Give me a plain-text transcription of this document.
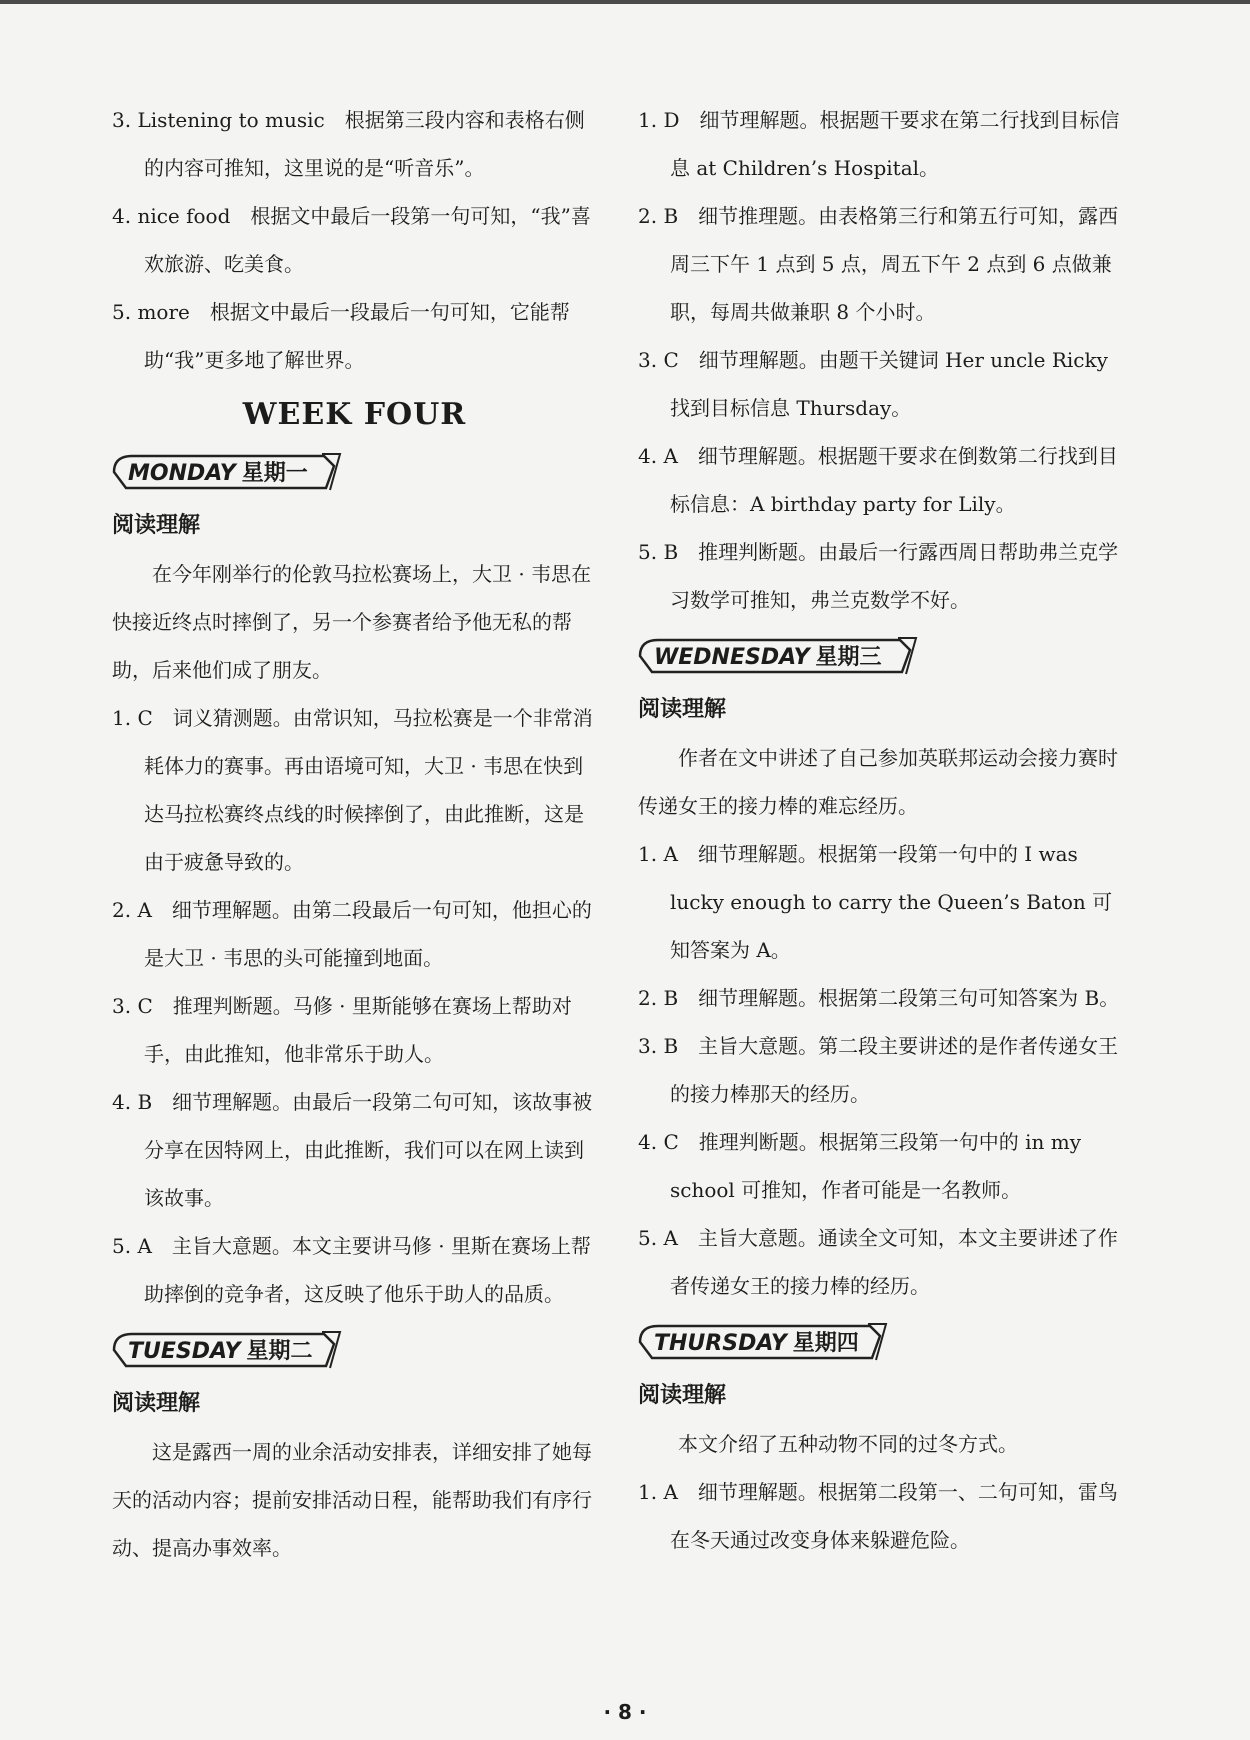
3. Listening to music　根据第三段内容和表格右侧的内容可推知，这里说的是“听音乐”。

4. nice food　根据文中最后一段第一句可知，“我”喜欢旅游、吃美食。

5. more　根据文中最后一段最后一句可知，它能帮助“我”更多地了解世界。

WEEK FOUR
MONDAY 星期一

阅读理解

在今年刚举行的伦敦马拉松赛场上，大卫 · 韦思在快接近终点时摔倒了，另一个参赛者给予他无私的帮助，后来他们成了朋友。

1. C　词义猜测题。由常识知，马拉松赛是一个非常消耗体力的赛事。再由语境可知，大卫 · 韦思在快到达马拉松赛终点线的时候摔倒了，由此推断，这是由于疲惫导致的。

2. A　细节理解题。由第二段最后一句可知，他担心的是大卫 · 韦思的头可能撞到地面。

3. C　推理判断题。马修 · 里斯能够在赛场上帮助对手，由此推知，他非常乐于助人。

4. B　细节理解题。由最后一段第二句可知，该故事被分享在因特网上，由此推断，我们可以在网上读到该故事。

5. A　主旨大意题。本文主要讲马修 · 里斯在赛场上帮助摔倒的竞争者，这反映了他乐于助人的品质。

TUESDAY 星期二

阅读理解

这是露西一周的业余活动安排表，详细安排了她每天的活动内容；提前安排活动日程，能帮助我们有序行动、提高办事效率。

1. D　细节理解题。根据题干要求在第二行找到目标信息 at Children’s Hospital。

2. B　细节推理题。由表格第三行和第五行可知，露西周三下午 1 点到 5 点，周五下午 2 点到 6 点做兼职，每周共做兼职 8 个小时。

3. C　细节理解题。由题干关键词 Her uncle Ricky 找到目标信息 Thursday。

4. A　细节理解题。根据题干要求在倒数第二行找到目标信息：A birthday party for Lily。

5. B　推理判断题。由最后一行露西周日帮助弗兰克学习数学可推知，弗兰克数学不好。

WEDNESDAY 星期三

阅读理解

作者在文中讲述了自己参加英联邦运动会接力赛时传递女王的接力棒的难忘经历。

1. A　细节理解题。根据第一段第一句中的 I was lucky enough to carry the Queen’s Baton 可知答案为 A。

2. B　细节理解题。根据第二段第三句可知答案为 B。

3. B　主旨大意题。第二段主要讲述的是作者传递女王的接力棒那天的经历。

4. C　推理判断题。根据第三段第一句中的 in my school 可推知，作者可能是一名教师。

5. A　主旨大意题。通读全文可知，本文主要讲述了作者传递女王的接力棒的经历。

THURSDAY 星期四

阅读理解

本文介绍了五种动物不同的过冬方式。

1. A　细节理解题。根据第二段第一、二句可知，雷鸟在冬天通过改变身体来躲避危险。

· 8 ·
